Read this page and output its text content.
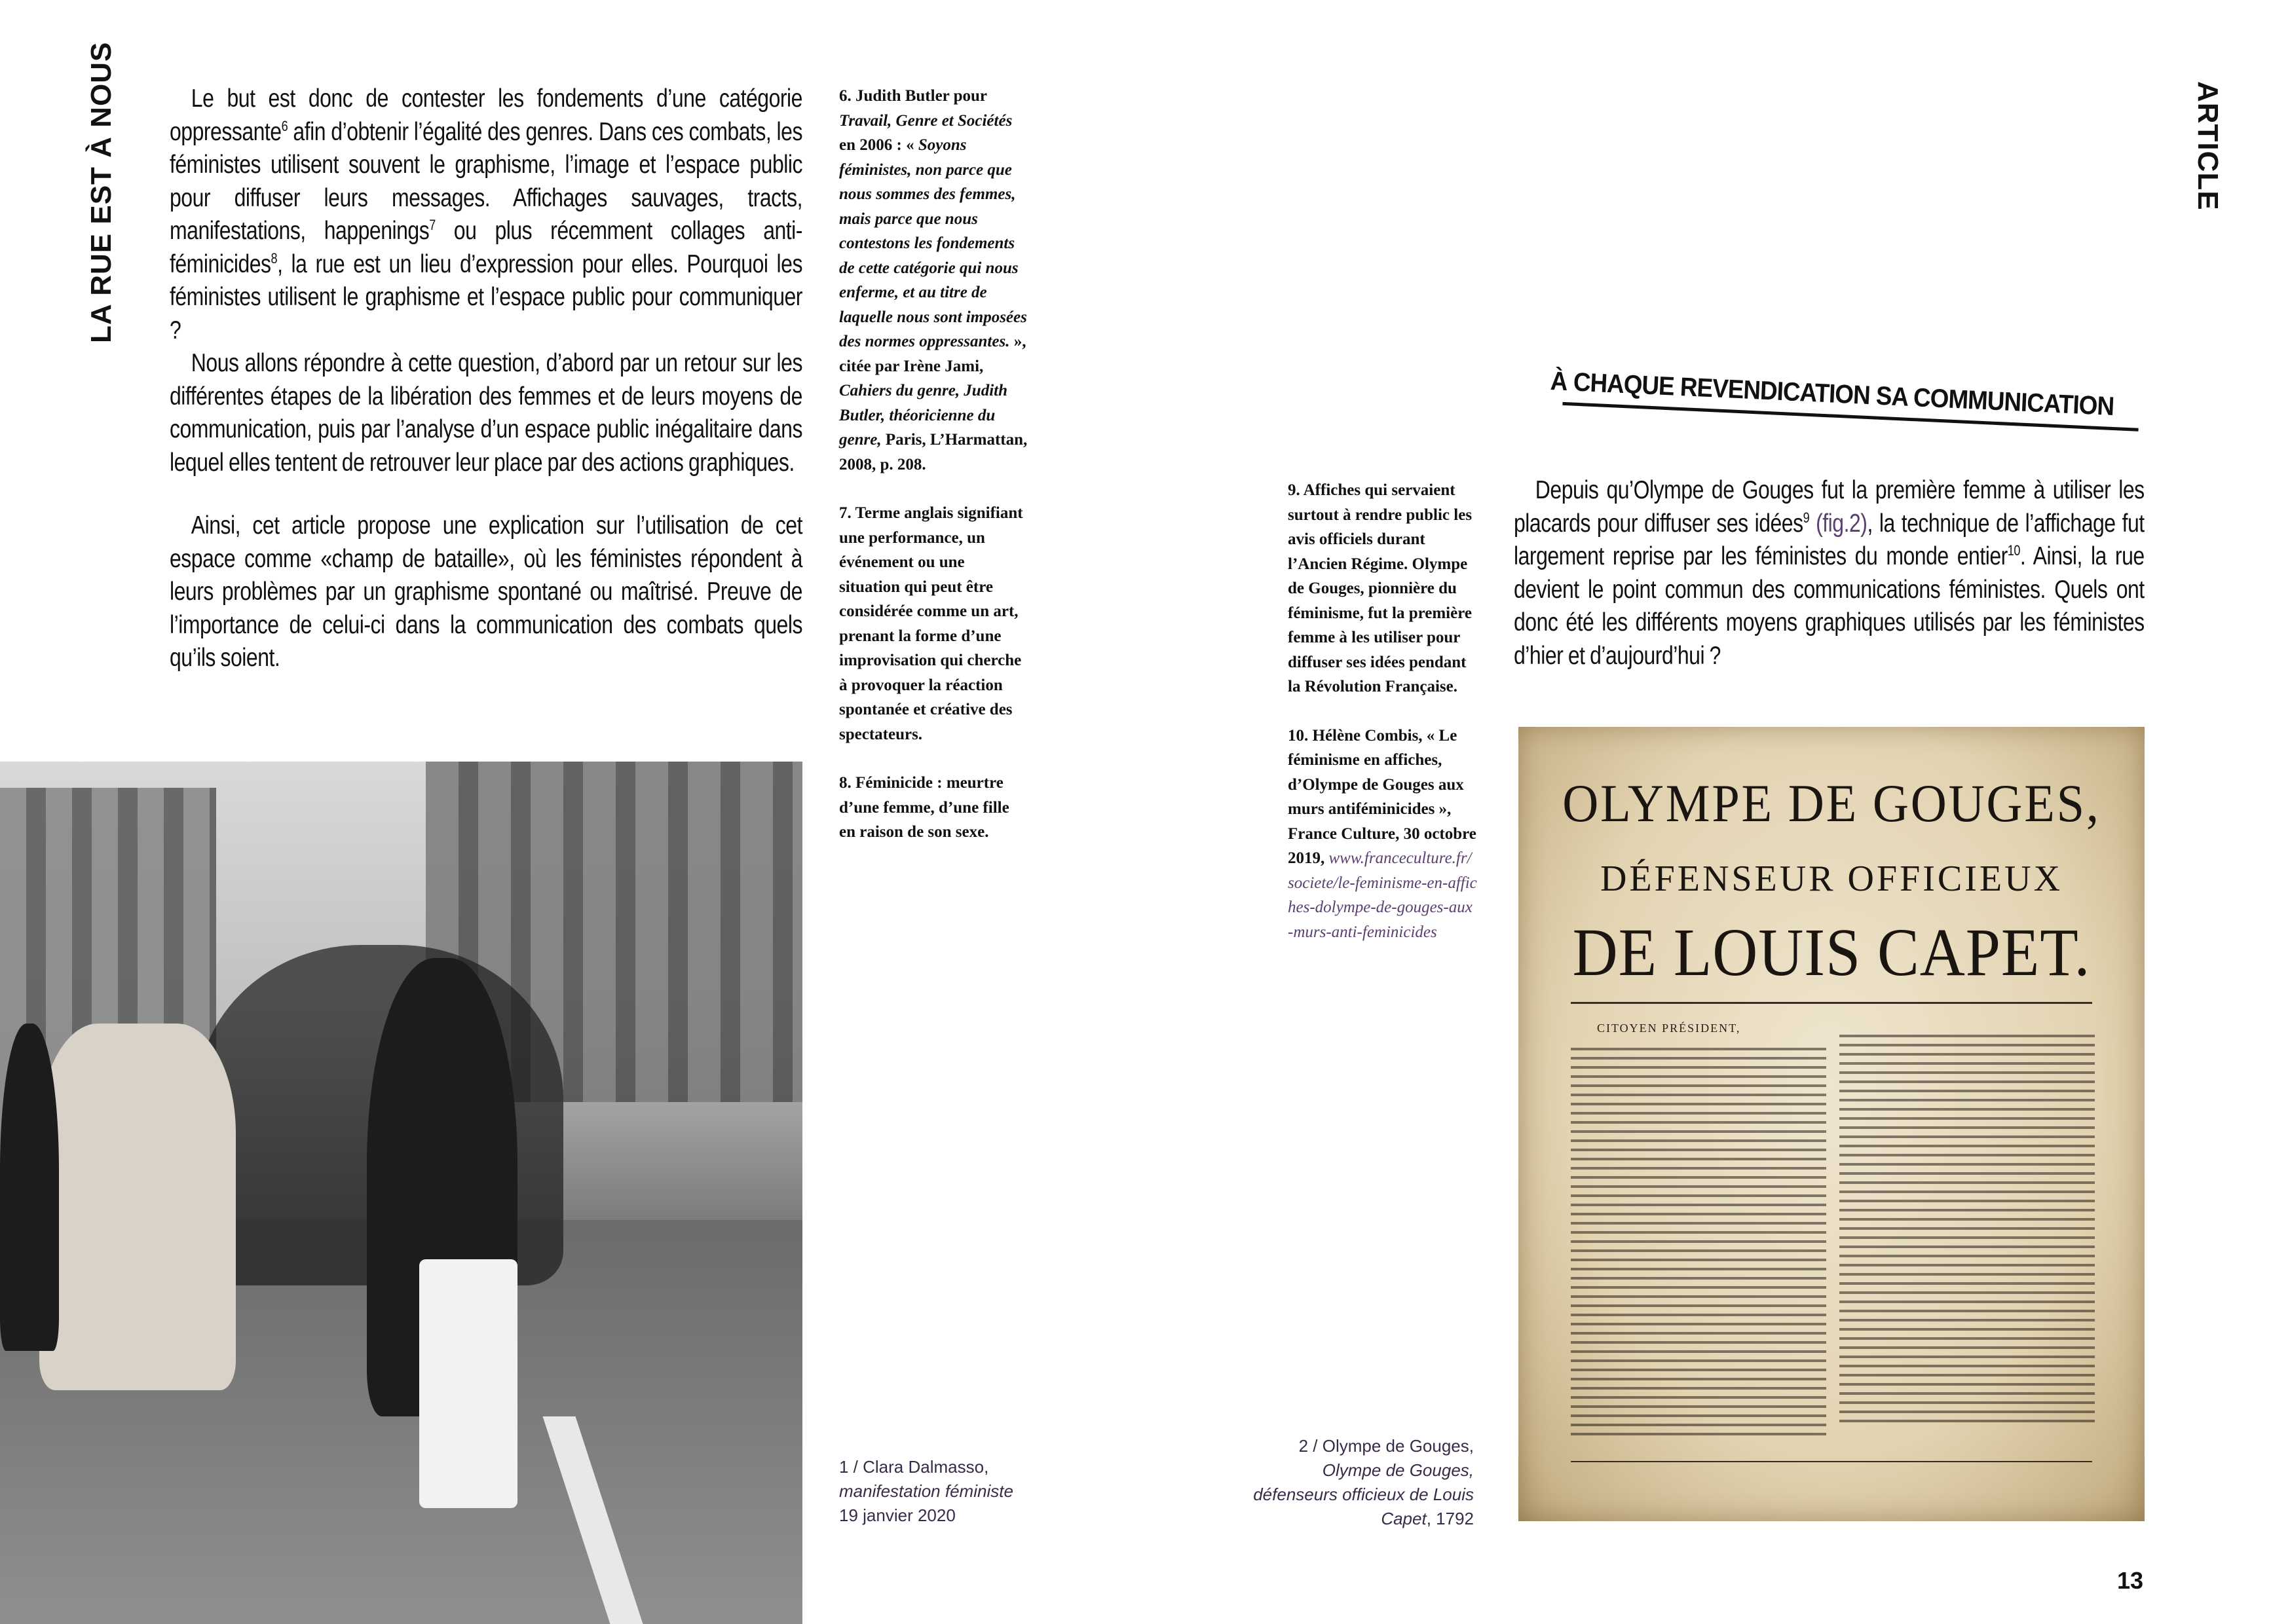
LA RUE EST À NOUS	ARTICLE

Le but est donc de contester les fondements d’une catégorie oppressante$^6$ afin d’obtenir l’égalité des genres. Dans ces combats, les féministes utilisent souvent le graphisme, l’image et l’espace public pour diffuser leurs messages. Affichages sauvages, tracts, manifestations, happenings$^7$ ou plus récemment collages anti-féminicides$^8$, la rue est un lieu d’expression pour elles. Pourquoi les féministes utilisent le graphisme et l’espace public pour communiquer ?

Nous allons répondre à cette question, d’abord par un retour sur les différentes étapes de la libération des femmes et de leurs moyens de communication, puis par l’analyse d’un espace public inégalitaire dans lequel elles tentent de retrouver leur place par des actions graphiques.

Ainsi, cet article propose une explication sur l’utilisation de cet espace comme «champ de bataille», où les féministes répondent à leurs problèmes par un graphisme spontané ou maîtrisé. Preuve de l’importance de celui-ci dans la communication des combats quels qu’ils soient.

6. Judith Butler pour Travail, Genre et Sociétés en 2006 : « Soyons féministes, non parce que nous sommes des femmes, mais parce que nous contestons les fondements de cette catégorie qui nous enferme, et au titre de laquelle nous sont imposées des normes oppressantes. », citée par Irène Jami, Cahiers du genre, Judith Butler, théoricienne du genre, Paris, L’Harmattan, 2008, p. 208.

7. Terme anglais signifiant une performance, un événement ou une situation qui peut être considérée comme un art, prenant la forme d’une improvisation qui cherche à provoquer la réaction spontanée et créative des spectateurs.

8. Féminicide : meurtre d’une femme, d’une fille en raison de son sexe.

1 / Clara Dalmasso,
manifestation féministe
19 janvier 2020

9. Affiches qui servaient surtout à rendre public les avis officiels durant l’Ancien Régime. Olympe de Gouges, pionnière du féminisme, fut la première femme à les utiliser pour diffuser ses idées pendant la Révolution Française.

10. Hélène Combis, « Le féminisme en affiches, d’Olympe de Gouges aux murs antiféminicides », France Culture, 30 octobre 2019, www.franceculture.fr/societe/le-feminisme-en-affiches-dolympe-de-gouges-aux-murs-anti-feminicides

2 / Olympe de Gouges,
Olympe de Gouges, défenseurs officieux de Louis Capet, 1792
À CHAQUE REVENDICATION SA COMMUNICATION

Depuis qu’Olympe de Gouges fut la première femme à utiliser les placards pour diffuser ses idées$^9$ (fig.2), la technique de l’affichage fut largement reprise par les féministes du monde entier$^{10}$. Ainsi, la rue devient le point commun des communications féministes. Quels ont donc été les différents moyens graphiques utilisés par les féministes d’hier et d’aujourd’hui ?

OLYMPE DE GOUGES,
DÉFENSEUR OFFICIEUX
DE LOUIS CAPET.
CITOYEN PRÉSIDENT,
13
